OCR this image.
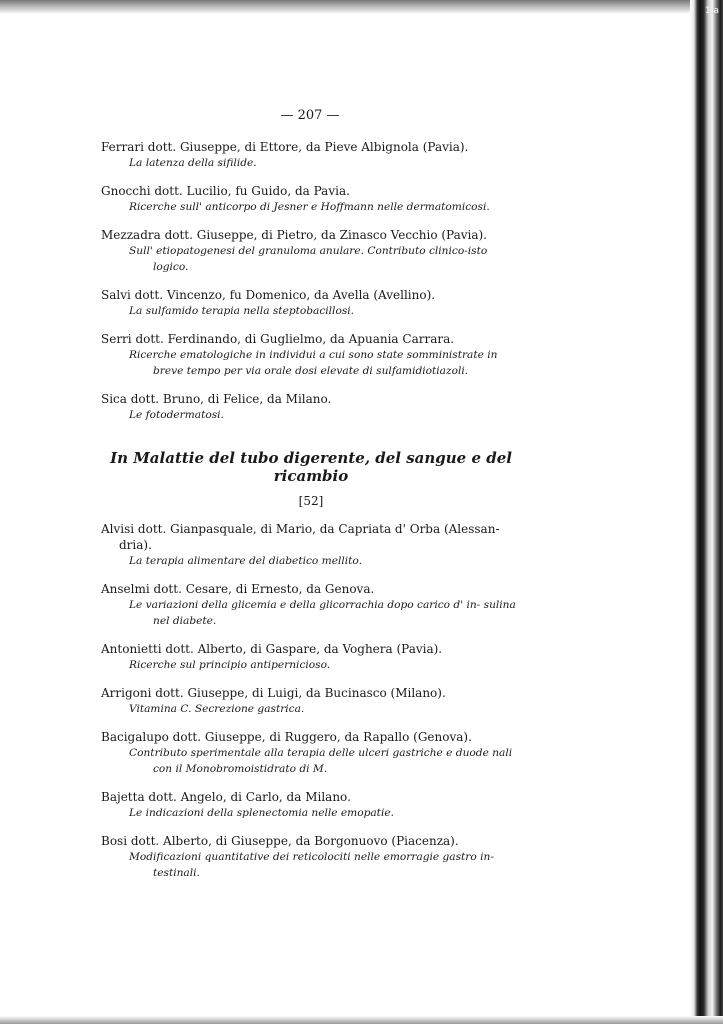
1 a
— 207 —
Ferrari dott. Giuseppe, di Ettore, da Pieve Albignola (Pavia).
La latenza della sifilide.
Gnocchi dott. Lucilio, fu Guido, da Pavia.
Ricerche sull' anticorpo di Jesner e Hoffmann nelle dermatomicosi.
Mezzadra dott. Giuseppe, di Pietro, da Zinasco Vecchio (Pavia).
Sull' etiopatogenesi del granuloma anulare. Contributo clinico-isto logico.
Salvi dott. Vincenzo, fu Domenico, da Avella (Avellino).
La sulfamido terapia nella steptobacillosi.
Serri dott. Ferdinando, di Guglielmo, da Apuania Carrara.
Ricerche ematologiche in individui a cui sono state somministrate in breve tempo per via orale dosi elevate di sulfamidiotiazoli.
Sica dott. Bruno, di Felice, da Milano.
Le fotodermatosi.
In Malattie del tubo digerente, del sangue e del ricambio
[52]
Alvisi dott. Gianpasquale, di Mario, da Capriata d' Orba (Alessan- dria).
La terapia alimentare del diabetico mellito.
Anselmi dott. Cesare, di Ernesto, da Genova.
Le variazioni della glicemia e della glicorrachia dopo carico d' in- sulina nel diabete.
Antonietti dott. Alberto, di Gaspare, da Voghera (Pavia).
Ricerche sul principio antipernicioso.
Arrigoni dott. Giuseppe, di Luigi, da Bucinasco (Milano).
Vitamina C. Secrezione gastrica.
Bacigalupo dott. Giuseppe, di Ruggero, da Rapallo (Genova).
Contributo sperimentale alla terapia delle ulceri gastriche e duode nali con il Monobromoistidrato di M.
Bajetta dott. Angelo, di Carlo, da Milano.
Le indicazioni della splenectomia nelle emopatie.
Bosi dott. Alberto, di Giuseppe, da Borgonuovo (Piacenza).
Modificazioni quantitative dei reticolociti nelle emorragie gastro in- testinali.
